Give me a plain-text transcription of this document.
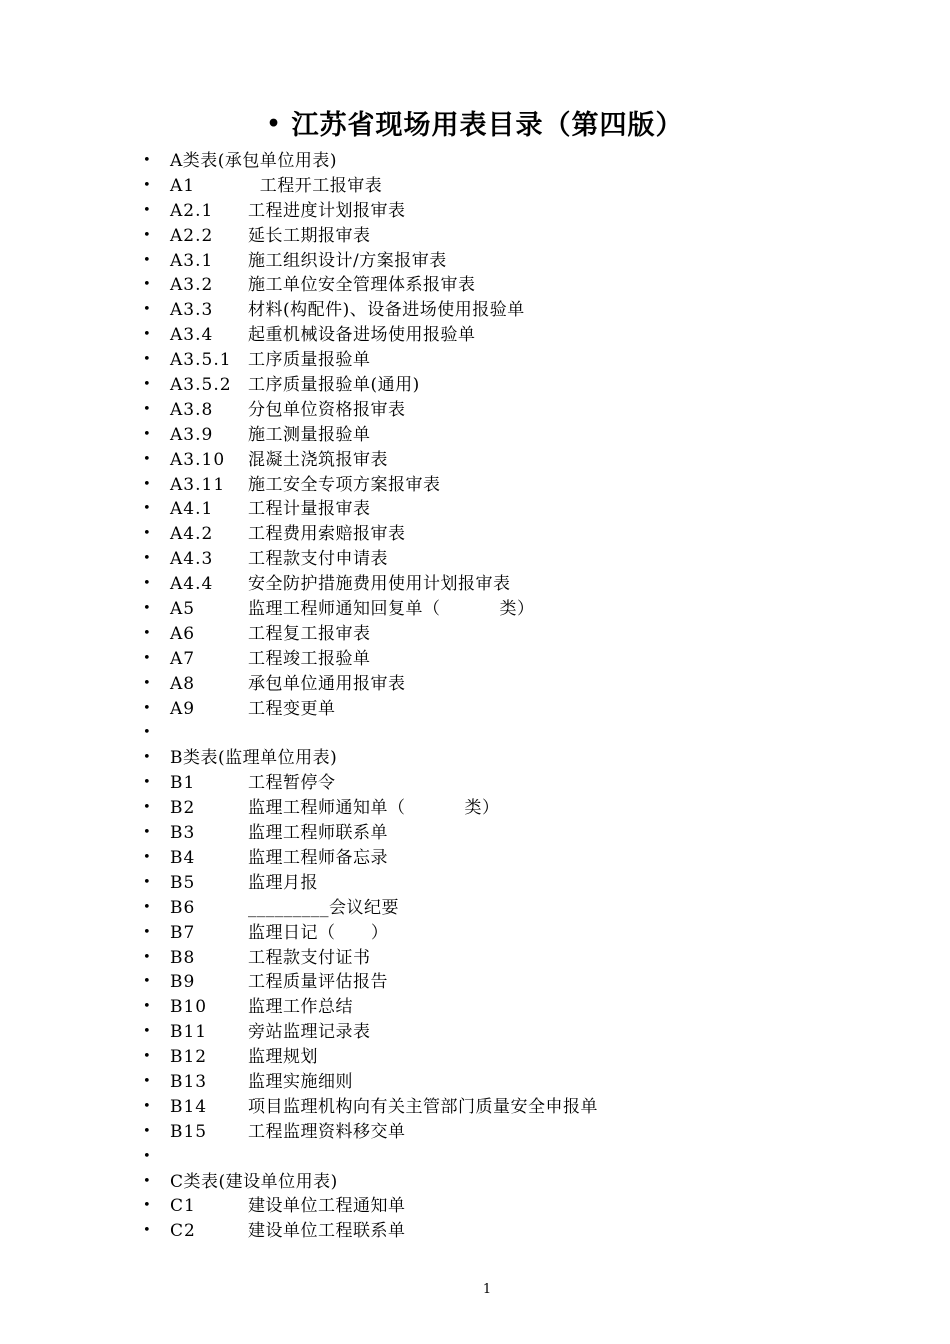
• 江苏省现场用表目录（第四版）
• A类表(承包单位用表)
• A1	工程开工报审表
• A2.1 工程进度计划报审表
• A2.2 延长工期报审表
• A3.1 施工组织设计/方案报审表
• A3.2 施工单位安全管理体系报审表
• A3.3 材料(构配件)、设备进场使用报验单
• A3.4 起重机械设备进场使用报验单
• A3.5.1 工序质量报验单
• A3.5.2 工序质量报验单(通用)
• A3.8 分包单位资格报审表
• A3.9 施工测量报验单
• A3.10 混凝土浇筑报审表
• A3.11 施工安全专项方案报审表
• A4.1 工程计量报审表
• A4.2 工程费用索赔报审表
• A4.3 工程款支付申请表
• A4.4 安全防护措施费用使用计划报审表
• A5	监理工程师通知回复单（          类）
• A6	工程复工报审表
• A7	工程竣工报验单
• A8	承包单位通用报审表
• A9	工程变更单
•
• B类表(监理单位用表)
• B1	工程暂停令
• B2	监理工程师通知单（          类）
• B3	监理工程师联系单
• B4	监理工程师备忘录
• B5	监理月报
• B6	_________会议纪要
• B7	监理日记（      ）
• B8	工程款支付证书
• B9	工程质量评估报告
• B10 监理工作总结
• B11 旁站监理记录表
• B12 监理规划
• B13 监理实施细则
• B14 项目监理机构向有关主管部门质量安全申报单
• B15 工程监理资料移交单
•
• C类表(建设单位用表)
• C1	建设单位工程通知单
• C2	建设单位工程联系单
1
